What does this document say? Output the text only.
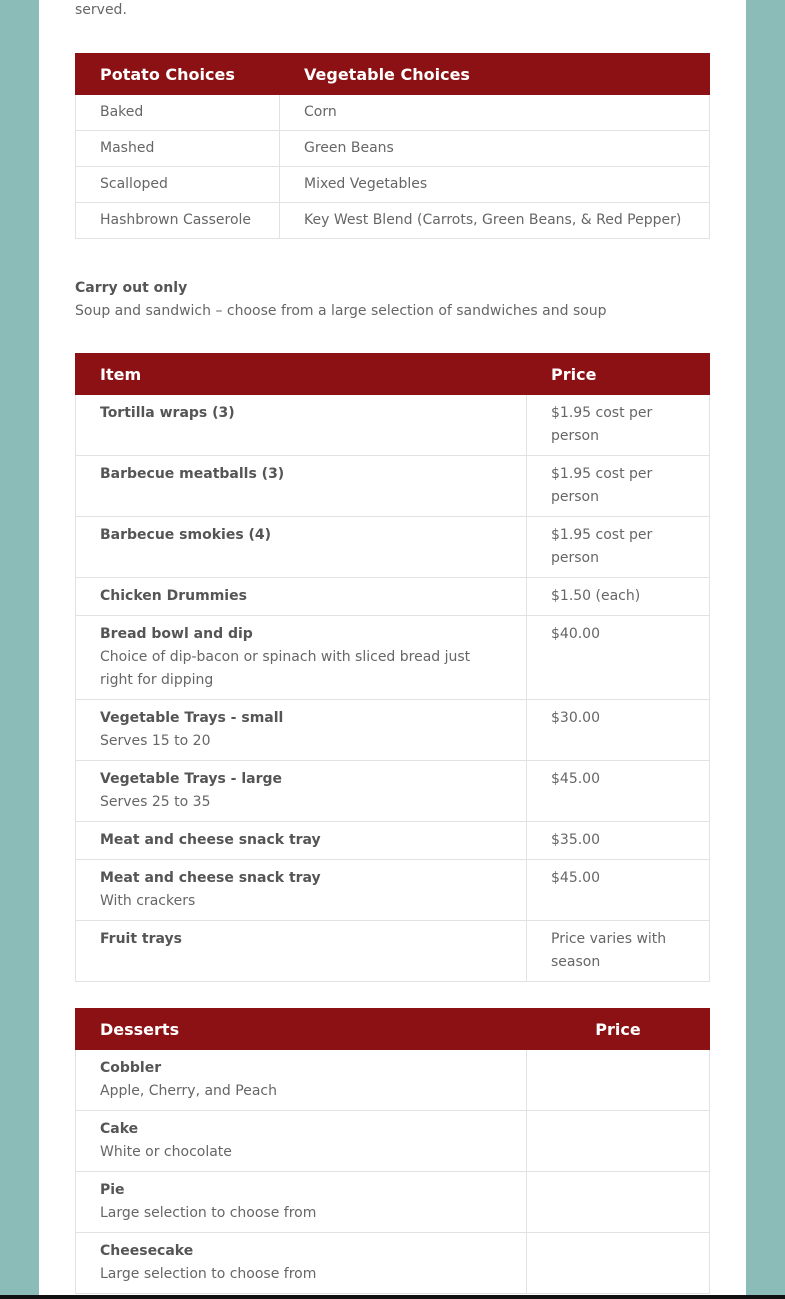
served.

Potato Choices	Vegetable Choices
Baked	Corn
Mashed	Green Beans
Scalloped	Mixed Vegetables
Hashbrown Casserole	Key West Blend (Carrots, Green Beans, & Red Pepper)
Carry out only
Soup and sandwich – choose from a large selection of sandwiches and soup
Item	Price

Tortilla wraps (3)	$1.95 cost per person

Barbecue meatballs (3)	$1.95 cost per person

Barbecue smokies (4)	$1.95 cost per person

Chicken Drummies	$1.50 (each)

Bread bowl and dip
Choice of dip-bacon or spinach with sliced bread just right for dipping	$40.00

Vegetable Trays - small
Serves 15 to 20	$30.00

Vegetable Trays - large
Serves 25 to 35	$45.00

Meat and cheese snack tray	$35.00

Meat and cheese snack tray
With crackers	$45.00

Fruit trays	Price varies with season
Desserts	Price

Cobbler
Apple, Cherry, and Peach	

Cake
White or chocolate	

Pie
Large selection to choose from	

Cheesecake
Large selection to choose from	
